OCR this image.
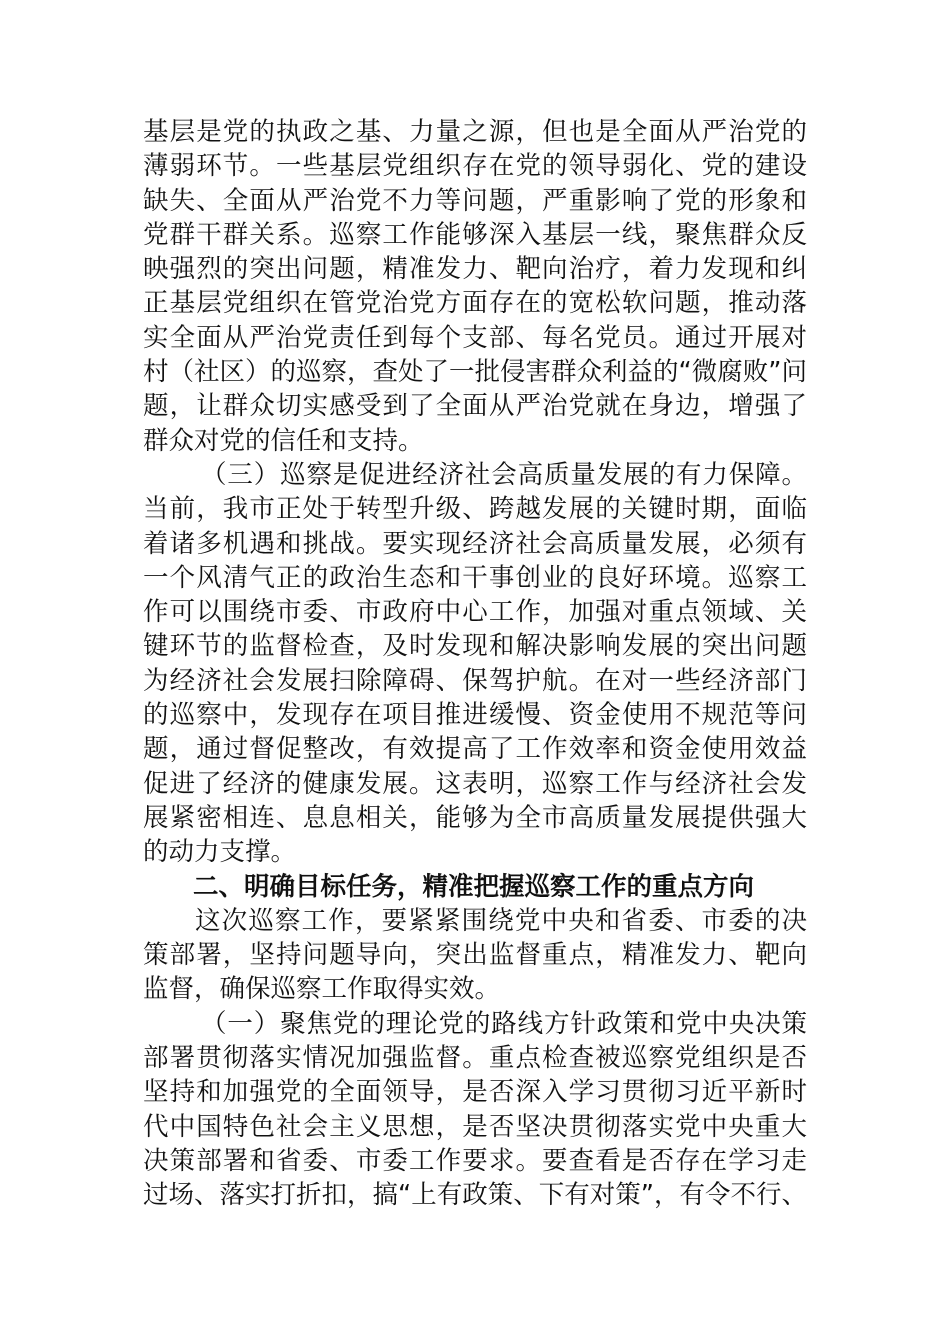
基层是党的执政之基、力量之源，但也是全面从严治党的
薄弱环节。一些基层党组织存在党的领导弱化、党的建设
缺失、全面从严治党不力等问题，严重影响了党的形象和
党群干群关系。巡察工作能够深入基层一线，聚焦群众反
映强烈的突出问题，精准发力、靶向治疗，着力发现和纠
正基层党组织在管党治党方面存在的宽松软问题，推动落
实全面从严治党责任到每个支部、每名党员。通过开展对
村（社区）的巡察，查处了一批侵害群众利益的“微腐败”问
题，让群众切实感受到了全面从严治党就在身边，增强了
群众对党的信任和支持。
（三）巡察是促进经济社会高质量发展的有力保障。
当前，我市正处于转型升级、跨越发展的关键时期，面临
着诸多机遇和挑战。要实现经济社会高质量发展，必须有
一个风清气正的政治生态和干事创业的良好环境。巡察工
作可以围绕市委、市政府中心工作，加强对重点领域、关
键环节的监督检查，及时发现和解决影响发展的突出问题
为经济社会发展扫除障碍、保驾护航。在对一些经济部门
的巡察中，发现存在项目推进缓慢、资金使用不规范等问
题，通过督促整改，有效提高了工作效率和资金使用效益
促进了经济的健康发展。这表明，巡察工作与经济社会发
展紧密相连、息息相关，能够为全市高质量发展提供强大
的动力支撑。
二、明确目标任务，精准把握巡察工作的重点方向
这次巡察工作，要紧紧围绕党中央和省委、市委的决
策部署，坚持问题导向，突出监督重点，精准发力、靶向
监督，确保巡察工作取得实效。
（一）聚焦党的理论党的路线方针政策和党中央决策
部署贯彻落实情况加强监督。重点检查被巡察党组织是否
坚持和加强党的全面领导，是否深入学习贯彻习近平新时
代中国特色社会主义思想，是否坚决贯彻落实党中央重大
决策部署和省委、市委工作要求。要查看是否存在学习走
过场、落实打折扣，搞“上有政策、下有对策”，有令不行、
